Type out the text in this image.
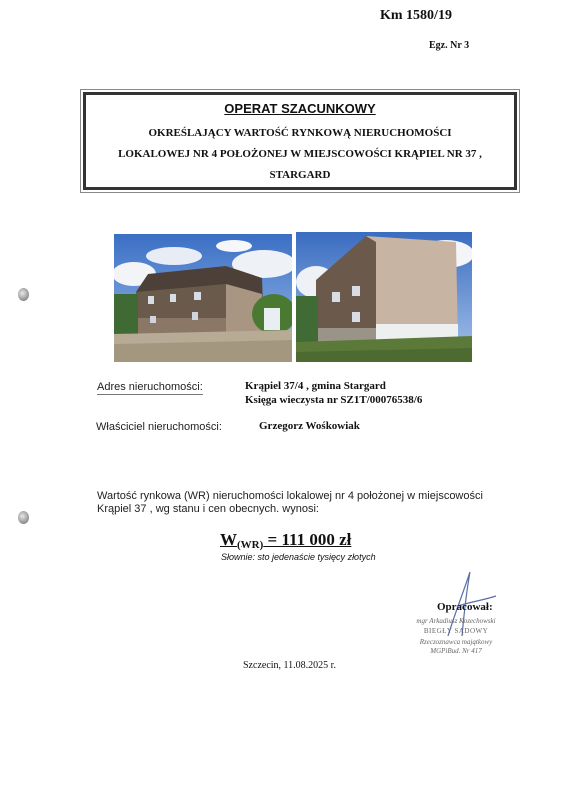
Km 1580/19
Egz. Nr 3
OPERAT SZACUNKOWY
OKREŚLAJĄCY WARTOŚĆ RYNKOWĄ NIERUCHOMOŚCI
LOKALOWEJ NR 4 POŁOŻONEJ W MIEJSCOWOŚCI KRĄPIEL NR 37 ,
STARGARD
Adres nieruchomości:	Krąpiel 37/4 , gmina Stargard
Księga wieczysta nr SZ1T/00076538/6
Właściciel nieruchomości:	Grzegorz Wośkowiak
Wartość rynkowa (WR) nieruchomości lokalowej nr 4 położonej w miejscowości
Krąpiel 37 , wg stanu i cen obecnych. wynosi:
$W_{(WR)} = 111$ 000 zł
Słownie: sto jedenaście tysięcy złotych
Opracował:
mgr Arkadiusz Kozechowski
BIEGŁY SĄDOWY
Rzeczoznawca majątkowy
MGPiBud. Nr 417
Szczecin, 11.08.2025 r.
